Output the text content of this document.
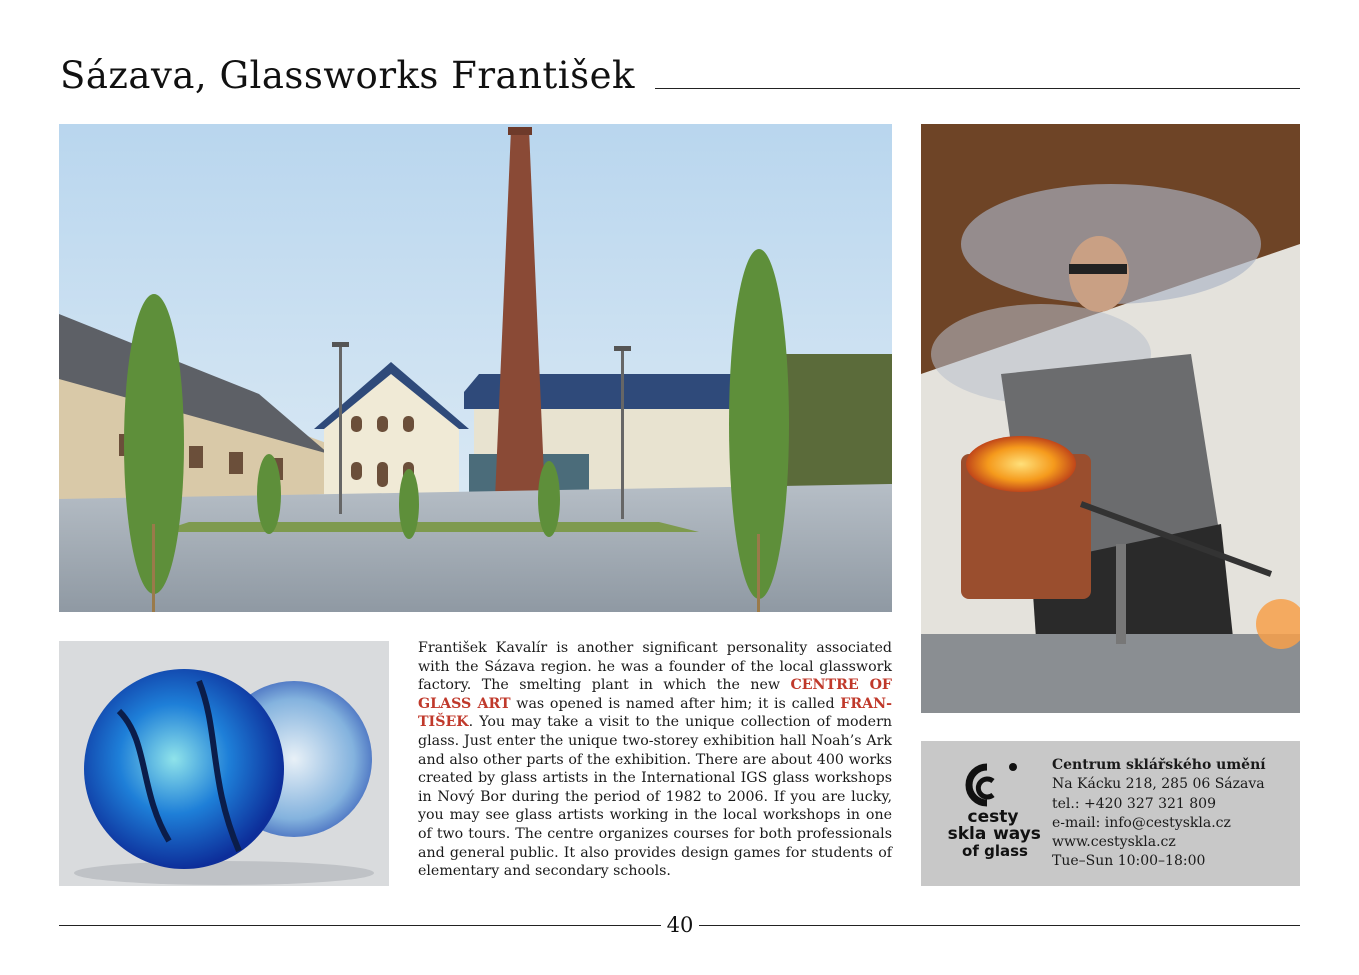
Sázava, Glassworks František
František Kavalír is another significant personality associated with the Sázava region. he was a founder of the local glasswork factory. The smelting plant in which the new CENTRE OF GLASS ART was opened is named after him; it is called FRANTIŠEK. You may take a visit to the unique collection of modern glass. Just enter the unique two-storey exhibition hall Noah’s Ark and also other parts of the exhibition. There are about 400 works created by glass artists in the International IGS glass workshops in Nový Bor during the period of 1982 to 2006. If you are lucky, you may see glass artists working in the local workshops in one of two tours. The centre organizes courses for both professionals and general public. It also provides design games for students of elementary and secondary schools.
cesty
skla ways
of glass
Centrum sklářského umění
Na Kácku 218, 285 06 Sázava
tel.: +420 327 321 809
e-mail: info@cestyskla.cz
www.cestyskla.cz
Tue–Sun 10:00–18:00
40
